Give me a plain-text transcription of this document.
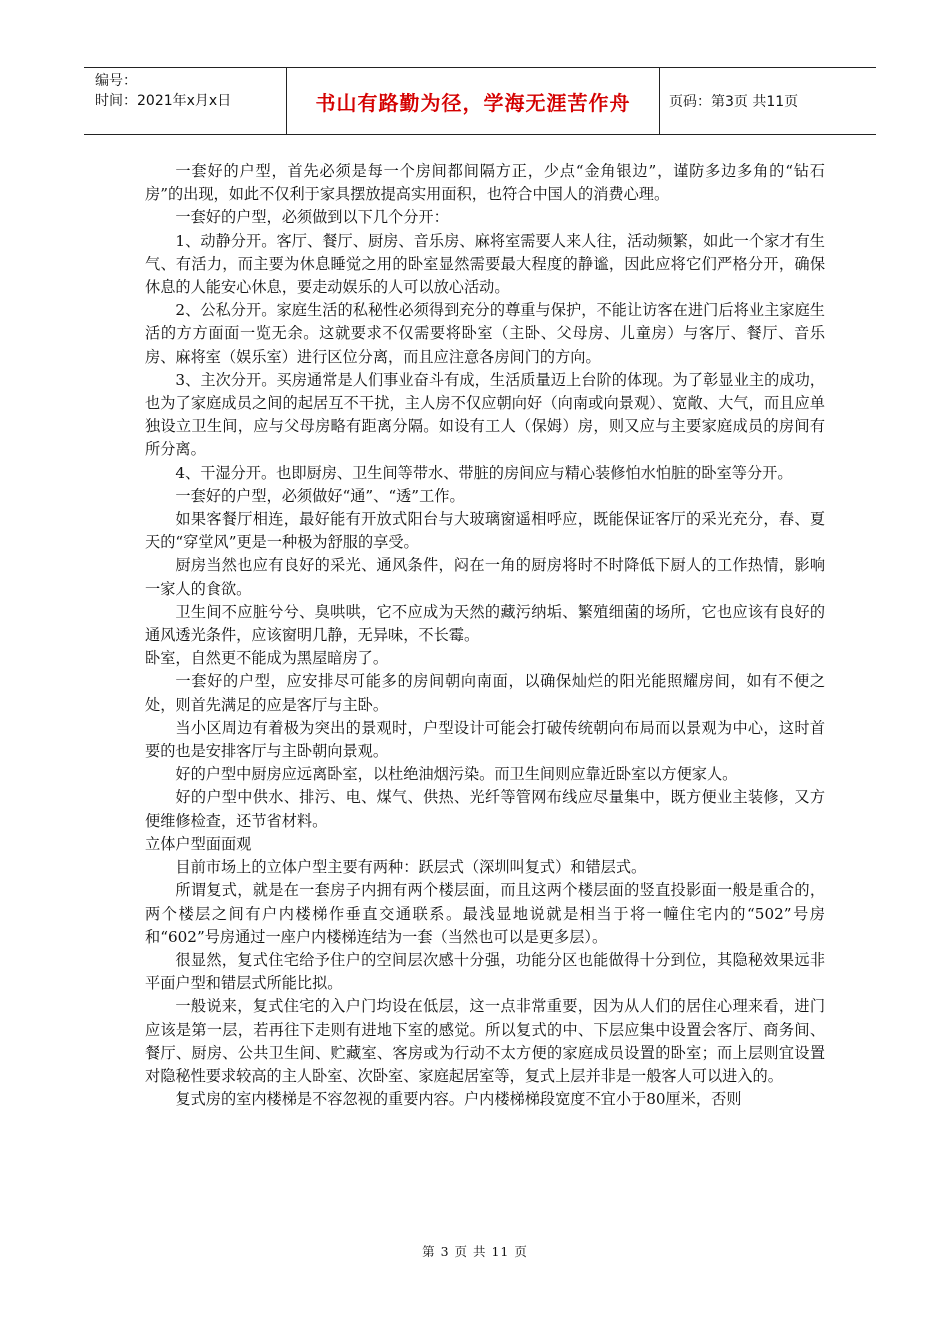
编号：
时间：2021年x月x日	书山有路勤为径，学海无涯苦作舟	页码：第3页 共11页

一套好的户型，首先必须是每一个房间都间隔方正，少点“金角银边”，谨防多边多角的“钻石房”的出现，如此不仅利于家具摆放提高实用面积，也符合中国人的消费心理。

一套好的户型，必须做到以下几个分开：

1、动静分开。客厅、餐厅、厨房、音乐房、麻将室需要人来人往，活动频繁，如此一个家才有生气、有活力，而主要为休息睡觉之用的卧室显然需要最大程度的静谧，因此应将它们严格分开，确保休息的人能安心休息，要走动娱乐的人可以放心活动。

2、公私分开。家庭生活的私秘性必须得到充分的尊重与保护，不能让访客在进门后将业主家庭生活的方方面面一览无余。这就要求不仅需要将卧室（主卧、父母房、儿童房）与客厅、餐厅、音乐房、麻将室（娱乐室）进行区位分离，而且应注意各房间门的方向。

3、主次分开。买房通常是人们事业奋斗有成，生活质量迈上台阶的体现。为了彰显业主的成功，也为了家庭成员之间的起居互不干扰，主人房不仅应朝向好（向南或向景观）、宽敞、大气，而且应单独设立卫生间，应与父母房略有距离分隔。如设有工人（保姆）房，则又应与主要家庭成员的房间有所分离。

4、干湿分开。也即厨房、卫生间等带水、带脏的房间应与精心装修怕水怕脏的卧室等分开。

一套好的户型，必须做好“通”、“透”工作。

如果客餐厅相连，最好能有开放式阳台与大玻璃窗遥相呼应，既能保证客厅的采光充分，春、夏天的“穿堂风”更是一种极为舒服的享受。

厨房当然也应有良好的采光、通风条件，闷在一角的厨房将时不时降低下厨人的工作热情，影响一家人的食欲。

卫生间不应脏兮兮、臭哄哄，它不应成为天然的藏污纳垢、繁殖细菌的场所，它也应该有良好的通风透光条件，应该窗明几静，无异味，不长霉。

卧室，自然更不能成为黑屋暗房了。

一套好的户型，应安排尽可能多的房间朝向南面，以确保灿烂的阳光能照耀房间，如有不便之处，则首先满足的应是客厅与主卧。

当小区周边有着极为突出的景观时，户型设计可能会打破传统朝向布局而以景观为中心，这时首要的也是安排客厅与主卧朝向景观。

好的户型中厨房应远离卧室，以杜绝油烟污染。而卫生间则应靠近卧室以方便家人。

好的户型中供水、排污、电、煤气、供热、光纤等管网布线应尽量集中，既方便业主装修，又方便维修检查，还节省材料。

立体户型面面观

目前市场上的立体户型主要有两种：跃层式（深圳叫复式）和错层式。

所谓复式，就是在一套房子内拥有两个楼层面，而且这两个楼层面的竖直投影面一般是重合的，两个楼层之间有户内楼梯作垂直交通联系。最浅显地说就是相当于将一幢住宅内的“502”号房和“602”号房通过一座户内楼梯连结为一套（当然也可以是更多层）。

很显然，复式住宅给予住户的空间层次感十分强，功能分区也能做得十分到位，其隐秘效果远非平面户型和错层式所能比拟。

一般说来，复式住宅的入户门均设在低层，这一点非常重要，因为从人们的居住心理来看，进门应该是第一层，若再往下走则有进地下室的感觉。所以复式的中、下层应集中设置会客厅、商务间、餐厅、厨房、公共卫生间、贮藏室、客房或为行动不太方便的家庭成员设置的卧室；而上层则宜设置对隐秘性要求较高的主人卧室、次卧室、家庭起居室等，复式上层并非是一般客人可以进入的。

复式房的室内楼梯是不容忽视的重要内容。户内楼梯梯段宽度不宜小于80厘米，否则

第 3 页 共 11 页
